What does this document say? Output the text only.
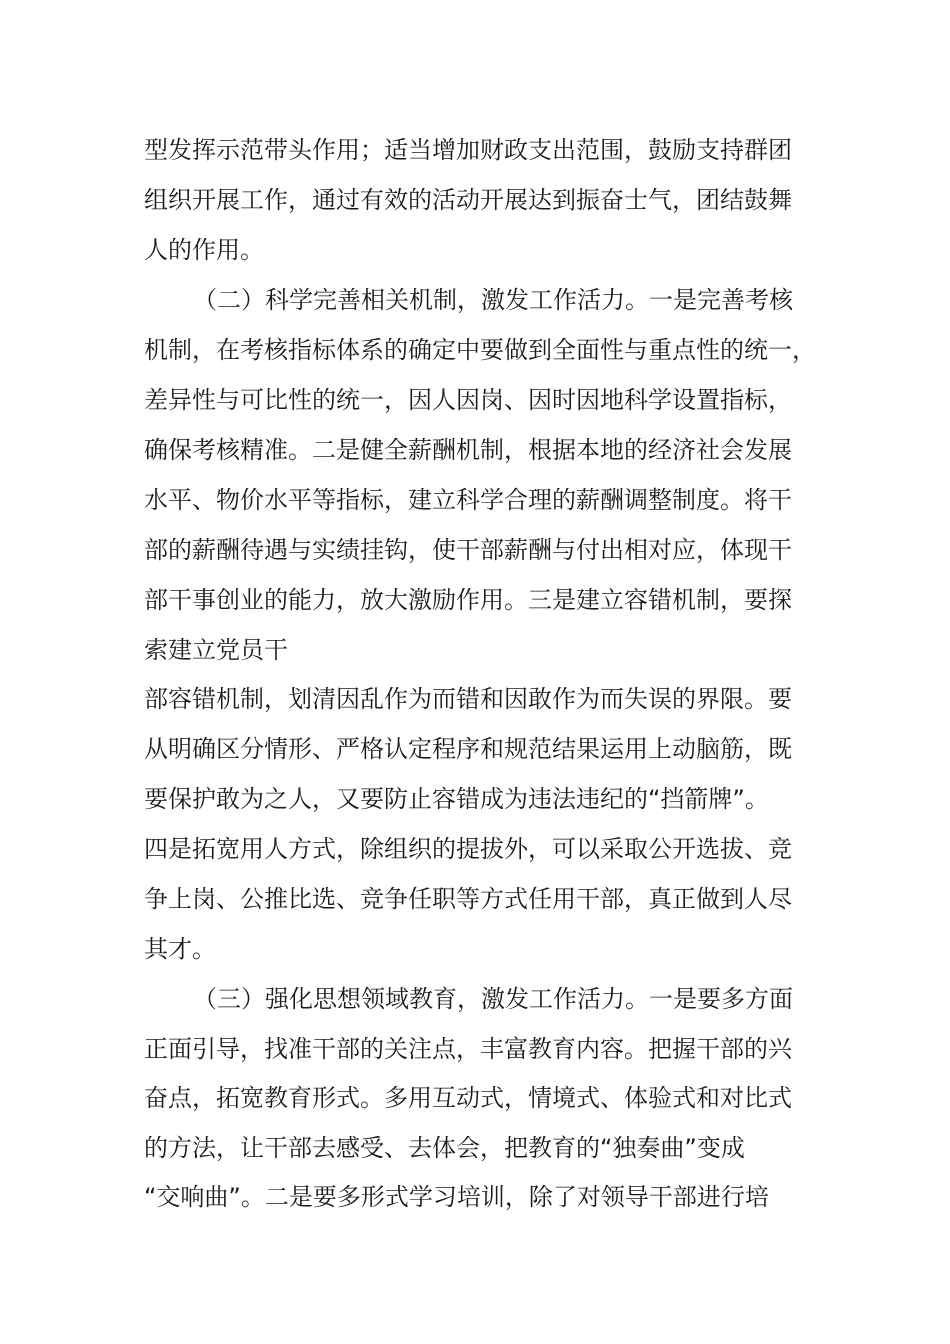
型发挥示范带头作用；适当增加财政支出范围，鼓励支持群团
组织开展工作，通过有效的活动开展达到振奋士气，团结鼓舞
人的作用。
（二）科学完善相关机制，激发工作活力。一是完善考核
机制，在考核指标体系的确定中要做到全面性与重点性的统一，
差异性与可比性的统一，因人因岗、因时因地科学设置指标，
确保考核精准。二是健全薪酬机制，根据本地的经济社会发展
水平、物价水平等指标，建立科学合理的薪酬调整制度。将干
部的薪酬待遇与实绩挂钩，使干部薪酬与付出相对应，体现干
部干事创业的能力，放大激励作用。三是建立容错机制，要探
索建立党员干
部容错机制，划清因乱作为而错和因敢作为而失误的界限。要
从明确区分情形、严格认定程序和规范结果运用上动脑筋，既
要保护敢为之人，又要防止容错成为违法违纪的“挡箭牌”。
四是拓宽用人方式，除组织的提拔外，可以采取公开选拔、竞
争上岗、公推比选、竞争任职等方式任用干部，真正做到人尽
其才。
（三）强化思想领域教育，激发工作活力。一是要多方面
正面引导，找准干部的关注点，丰富教育内容。把握干部的兴
奋点，拓宽教育形式。多用互动式，情境式、体验式和对比式
的方法，让干部去感受、去体会，把教育的“独奏曲”变成
“交响曲”。二是要多形式学习培训，除了对领导干部进行培
